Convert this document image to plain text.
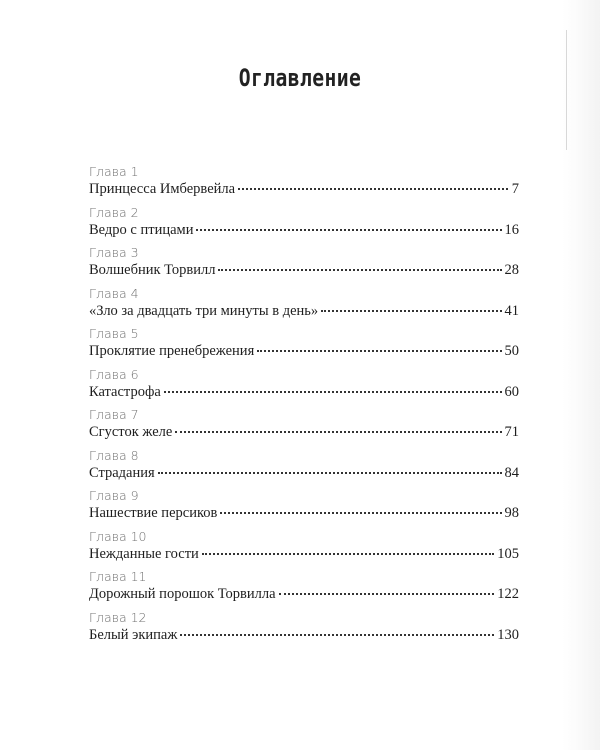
Оглавление
Глава 1
Принцесса Имбервейла	7
Глава 2
Ведро с птицами	16
Глава 3
Волшебник Торвилл	28
Глава 4
«Зло за двадцать три минуты в день»	41
Глава 5
Проклятие пренебрежения	50
Глава 6
Катастрофа	60
Глава 7
Сгусток желе	71
Глава 8
Страдания	84
Глава 9
Нашествие персиков	98
Глава 10
Нежданные гости	105
Глава 11
Дорожный порошок Торвилла	122
Глава 12
Белый экипаж	130
